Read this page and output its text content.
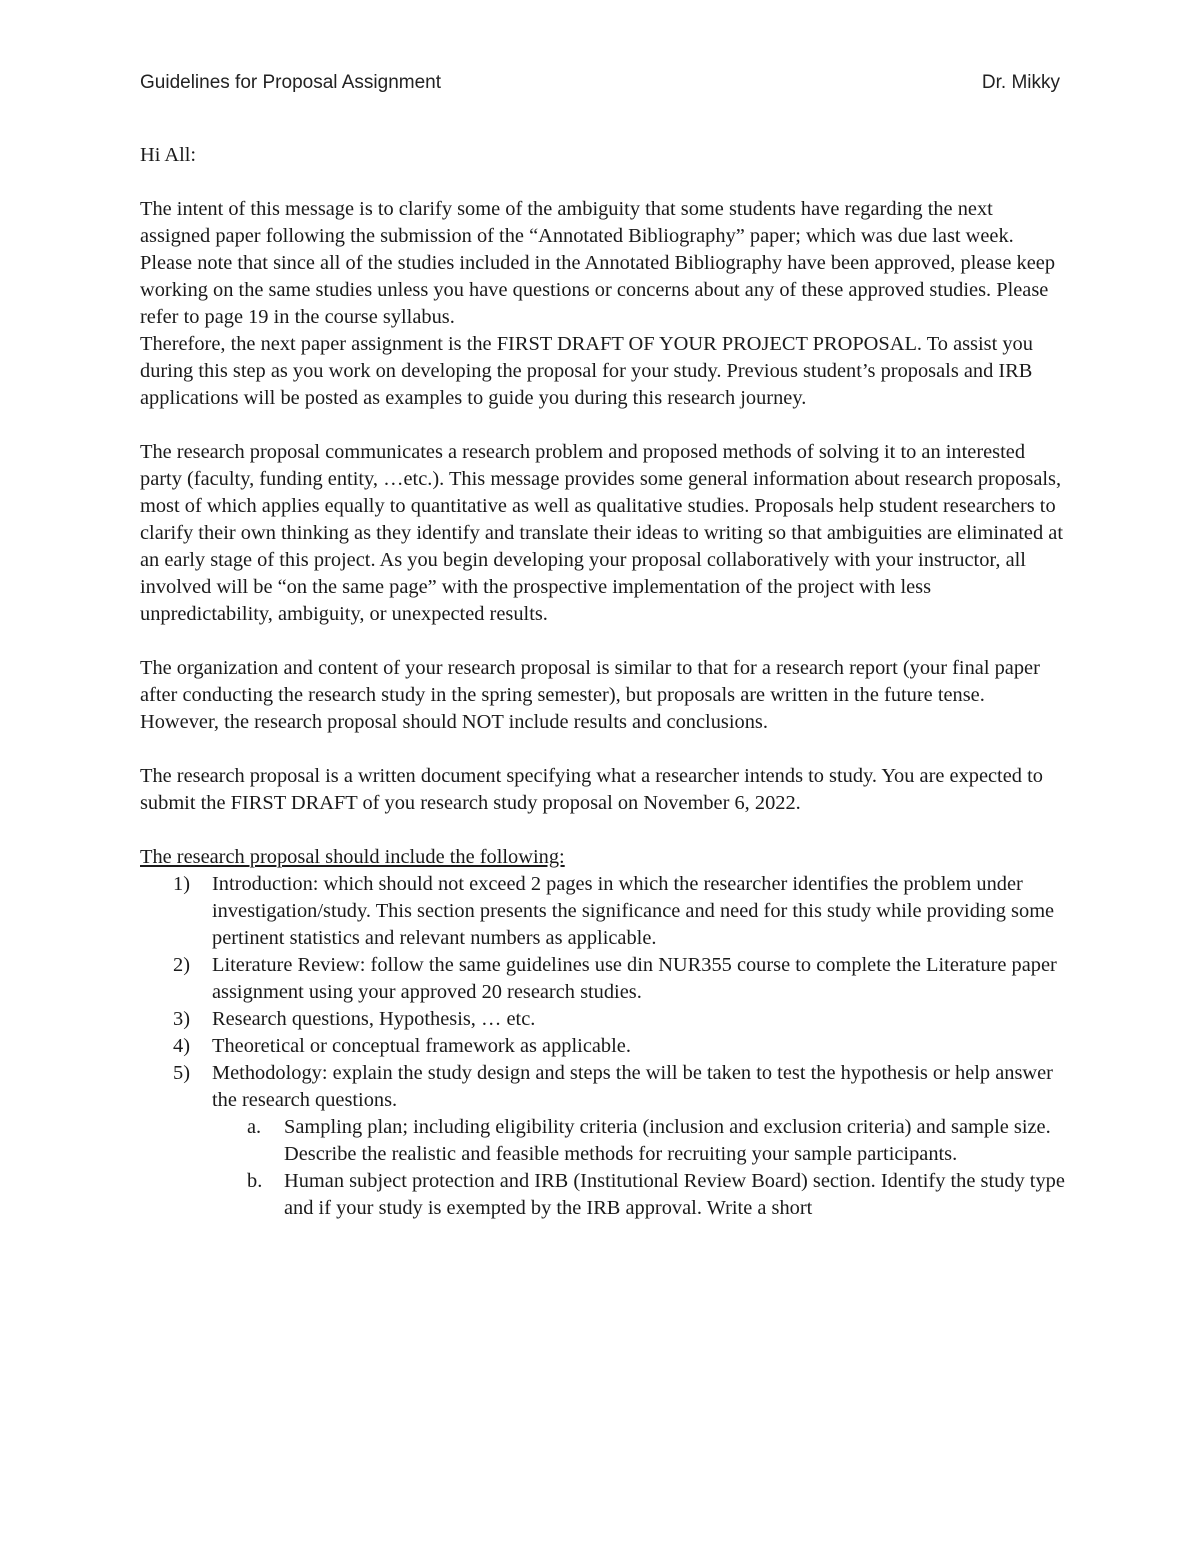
Guidelines for Proposal Assignment	Dr. Mikky

Hi All:

The intent of this message is to clarify some of the ambiguity that some students have regarding the next assigned paper following the submission of the “Annotated Bibliography” paper; which was due last week. Please note that since all of the studies included in the Annotated Bibliography have been approved, please keep working on the same studies unless you have questions or concerns about any of these approved studies. Please refer to page 19 in the course syllabus.

Therefore, the next paper assignment is the FIRST DRAFT OF YOUR PROJECT PROPOSAL. To assist you during this step as you work on developing the proposal for your study. Previous student’s proposals and IRB applications will be posted as examples to guide you during this research journey.

The research proposal communicates a research problem and proposed methods of solving it to an interested party (faculty, funding entity, …etc.). This message provides some general information about research proposals, most of which applies equally to quantitative as well as qualitative studies. Proposals help student researchers to clarify their own thinking as they identify and translate their ideas to writing so that ambiguities are eliminated at an early stage of this project. As you begin developing your proposal collaboratively with your instructor, all involved will be “on the same page” with the prospective implementation of the project with less unpredictability, ambiguity, or unexpected results.

The organization and content of your research proposal is similar to that for a research report (your final paper after conducting the research study in the spring semester), but proposals are written in the future tense. However, the research proposal should NOT include results and conclusions.

The research proposal is a written document specifying what a researcher intends to study. You are expected to submit the FIRST DRAFT of you research study proposal on November 6, 2022.

The research proposal should include the following:

1) Introduction: which should not exceed 2 pages in which the researcher identifies the problem under investigation/study. This section presents the significance and need for this study while providing some pertinent statistics and relevant numbers as applicable.
2) Literature Review: follow the same guidelines use din NUR355 course to complete the Literature paper assignment using your approved 20 research studies.
3) Research questions, Hypothesis, … etc.
4) Theoretical or conceptual framework as applicable.
5) Methodology: explain the study design and steps the will be taken to test the hypothesis or help answer the research questions.
a. Sampling plan; including eligibility criteria (inclusion and exclusion criteria) and sample size. Describe the realistic and feasible methods for recruiting your sample participants.
b. Human subject protection and IRB (Institutional Review Board) section. Identify the study type and if your study is exempted by the IRB approval. Write a short
